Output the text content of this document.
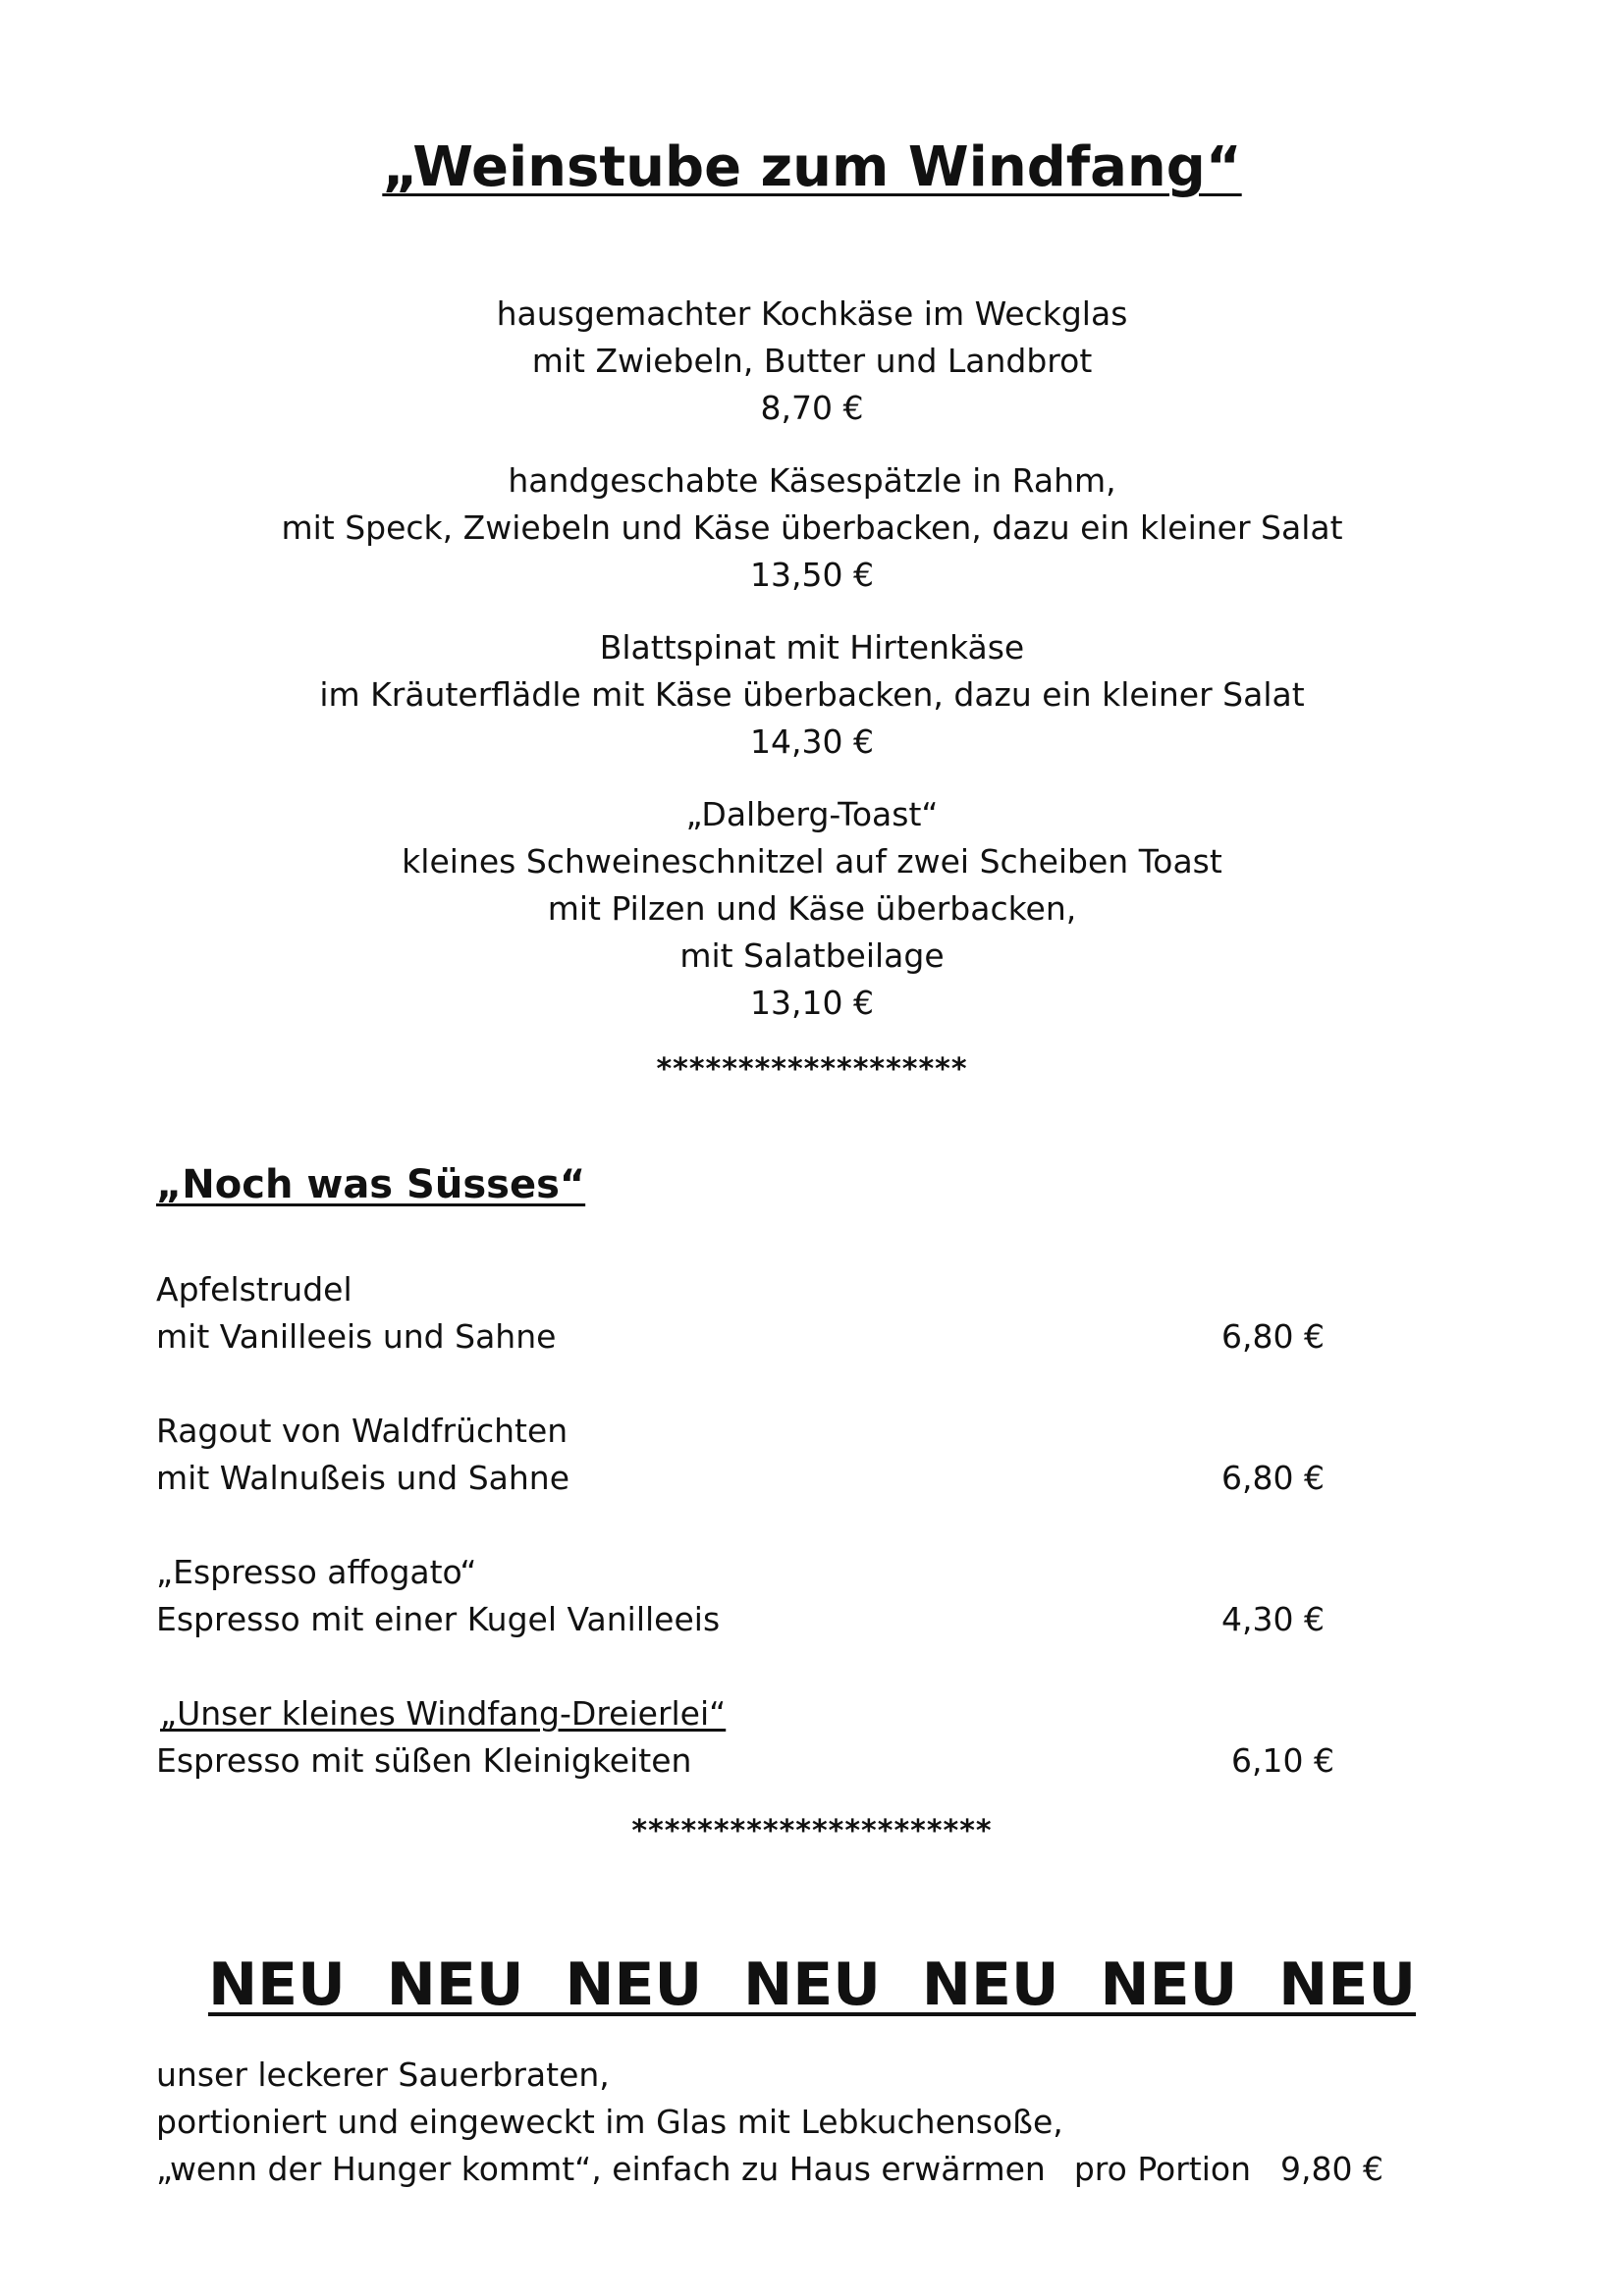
„Weinstube zum Windfang“
hausgemachter Kochkäse im Weckglas
mit Zwiebeln, Butter und Landbrot
8,70 €
handgeschabte Käsespätzle in Rahm,
mit Speck, Zwiebeln und Käse überbacken, dazu ein kleiner Salat
13,50 €
Blattspinat mit Hirtenkäse
im Kräuterflädle mit Käse überbacken, dazu ein kleiner Salat
14,30 €
„Dalberg-Toast“
kleines Schweineschnitzel auf zwei Scheiben Toast
mit Pilzen und Käse überbacken,
mit Salatbeilage
13,10 €
*******************
„Noch was Süsses“
Apfelstrudel
mit Vanilleeis und Sahne	6,80 €
Ragout von Waldfrüchten
mit Walnußeis und Sahne	6,80 €
„Espresso affogato“
Espresso mit einer Kugel Vanilleeis	4,30 €
„Unser kleines Windfang-Dreierlei“
Espresso mit süßen Kleinigkeiten	6,10 €
**********************
NEU  NEU  NEU  NEU  NEU  NEU  NEU
unser leckerer Sauerbraten,
portioniert und eingeweckt im Glas mit Lebkuchensoße,
„wenn der Hunger kommt“, einfach zu Haus erwärmen pro Portion 9,80 €
